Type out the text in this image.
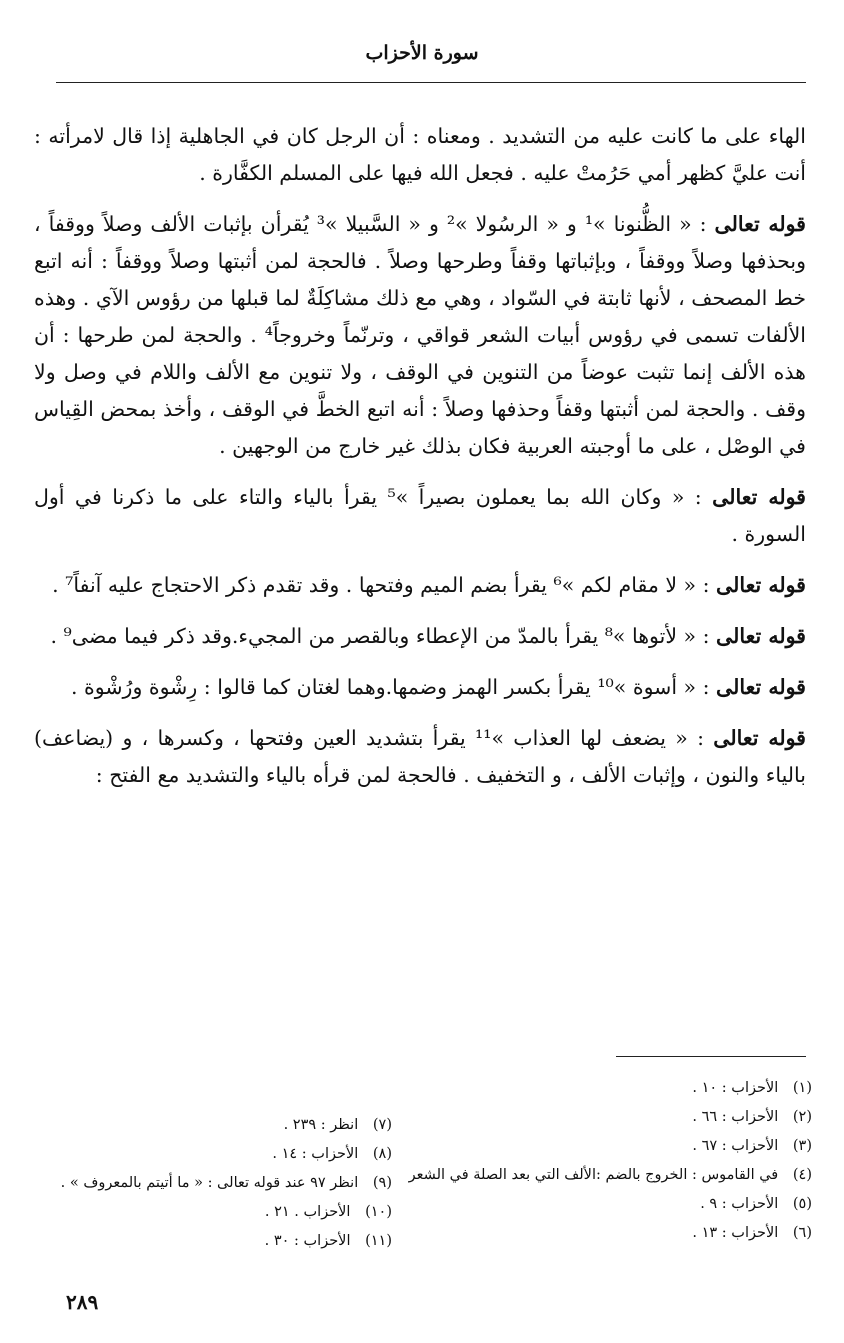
سورة الأحزاب

الهاء على ما كانت عليه من التشديد . ومعناه : أن الرجل كان في الجاهلية إذا قال لامرأته : أنت عليَّ كظهر أمي حَرُمتْ عليه . فجعل الله فيها على المسلم الكفَّارة .

قوله تعالى : « الظُّنونا »¹ و « الرسُولا »² و « السَّبيلا »³ يُقرأن بإثبات الألف وصلاً ووقفاً ، وبحذفها وصلاً ووقفاً ، وبإثباتها وقفاً وطرحها وصلاً . فالحجة لمن أثبتها وصلاً ووقفاً : أنه اتبع خط المصحف ، لأنها ثابتة في السّواد ، وهي مع ذلك مشاكِلَةٌ لما قبلها من رؤوس الآي . وهذه الألفات تسمى في رؤوس أبيات الشعر قواقي ، وترنّماً وخروجاً⁴ . والحجة لمن طرحها : أن هذه الألف إنما تثبت عوضاً من التنوين في الوقف ، ولا تنوين مع الألف واللام في وصل ولا وقف . والحجة لمن أثبتها وقفاً وحذفها وصلاً : أنه اتبع الخطَّ في الوقف ، وأخذ بمحض القِياس في الوصْل ، على ما أوجبته العربية فكان بذلك غير خارج من الوجهين .

قوله تعالى : « وكان الله بما يعملون بصيراً »⁵ يقرأ بالياء والتاء على ما ذكرنا في أول السورة .

قوله تعالى : « لا مقام لكم »⁶ يقرأ بضم الميم وفتحها . وقد تقدم ذكر الاحتجاج عليه آنفاً⁷ .

قوله تعالى : « لأتوها »⁸ يقرأ بالمدّ من الإعطاء وبالقصر من المجيء.وقد ذكر فيما مضى⁹ .

قوله تعالى : « أسوة »¹⁰ يقرأ بكسر الهمز وضمها.وهما لغتان كما قالوا : رِشْوة ورُشْوة .

قوله تعالى : « يضعف لها العذاب »¹¹ يقرأ بتشديد العين وفتحها ، وكسرها ، و (يضاعف) بالياء والنون ، وإثبات الألف ، و التخفيف . فالحجة لمن قرأه بالياء والتشديد مع الفتح :

(١) الأحزاب : ١٠ .
(٢) الأحزاب : ٦٦ .
(٣) الأحزاب : ٦٧ .
(٤) في القاموس : الخروج بالضم :الألف التي بعد الصلة في الشعر
(٥) الأحزاب : ٩ .
(٦) الأحزاب : ١٣ .
(٧) انظر : ٢٣٩ .
(٨) الأحزاب : ١٤ .
(٩) انظر ٩٧ عند قوله تعالى : « ما أتيتم بالمعروف » .
(١٠) الأحزاب . ٢١ .
(١١) الأحزاب : ٣٠ .
٢٨٩
